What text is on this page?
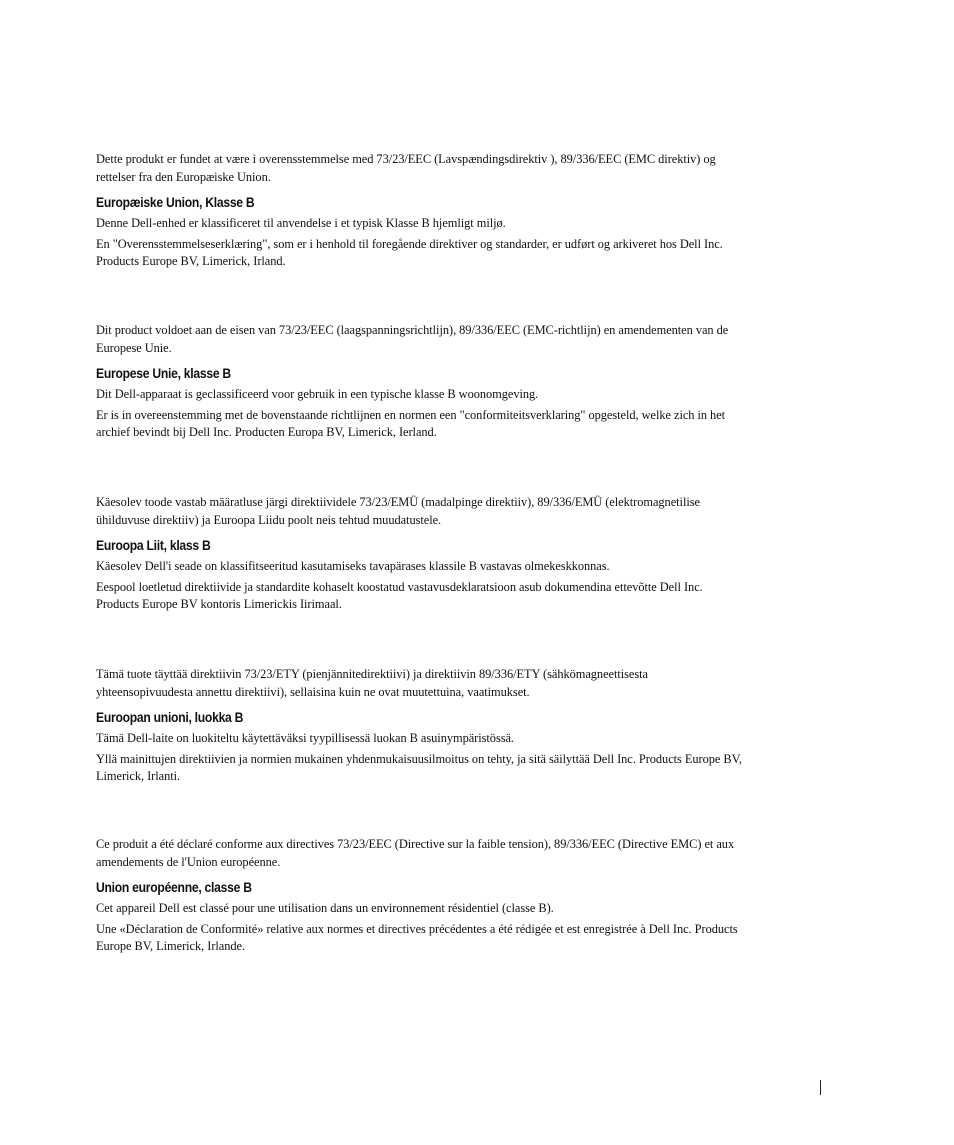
Dette produkt er fundet at være i overensstemmelse med 73/23/EEC (Lavspændingsdirektiv ), 89/336/EEC (EMC direktiv) og
rettelser fra den Europæiske Union.

Europæiske Union, Klasse B

Denne Dell-enhed er klassificeret til anvendelse i et typisk Klasse B hjemligt miljø.

En "Overensstemmelseserklæring", som er i henhold til foregående direktiver og standarder, er udført og arkiveret hos Dell Inc.
Products Europe BV, Limerick, Irland.

Dit product voldoet aan de eisen van 73/23/EEC (laagspanningsrichtlijn), 89/336/EEC (EMC-richtlijn) en amendementen van de
Europese Unie.

Europese Unie, klasse B

Dit Dell-apparaat is geclassificeerd voor gebruik in een typische klasse B woonomgeving.

Er is in overeenstemming met de bovenstaande richtlijnen en normen een "conformiteitsverklaring" opgesteld, welke zich in het
archief bevindt bij Dell Inc. Producten Europa BV, Limerick, Ierland.

Käesolev toode vastab määratluse järgi direktiividele 73/23/EMÜ (madalpinge direktiiv), 89/336/EMÜ (elektromagnetilise
ühilduvuse direktiiv) ja Euroopa Liidu poolt neis tehtud muudatustele.

Euroopa Liit, klass B

Käesolev Dell'i seade on klassifitseeritud kasutamiseks tavapärases klassile B vastavas olmekeskkonnas.

Eespool loetletud direktiivide ja standardite kohaselt koostatud vastavusdeklaratsioon asub dokumendina ettevõtte Dell Inc.
Products Europe BV kontoris Limerickis Iirimaal.

Tämä tuote täyttää direktiivin 73/23/ETY (pienjännitedirektiivi) ja direktiivin 89/336/ETY (sähkömagneettisesta
yhteensopivuudesta annettu direktiivi), sellaisina kuin ne ovat muutettuina, vaatimukset.

Euroopan unioni, luokka B

Tämä Dell-laite on luokiteltu käytettäväksi tyypillisessä luokan B asuinympäristössä.

Yllä mainittujen direktiivien ja normien mukainen yhdenmukaisuusilmoitus on tehty, ja sitä säilyttää Dell Inc. Products Europe BV,
Limerick, Irlanti.

Ce produit a été déclaré conforme aux directives 73/23/EEC (Directive sur la faible tension), 89/336/EEC (Directive EMC) et aux
amendements de l'Union européenne.

Union européenne, classe B

Cet appareil Dell est classé pour une utilisation dans un environnement résidentiel (classe B).

Une «Déclaration de Conformité» relative aux normes et directives précédentes a été rédigée et est enregistrée à Dell Inc. Products
Europe BV, Limerick, Irlande.
